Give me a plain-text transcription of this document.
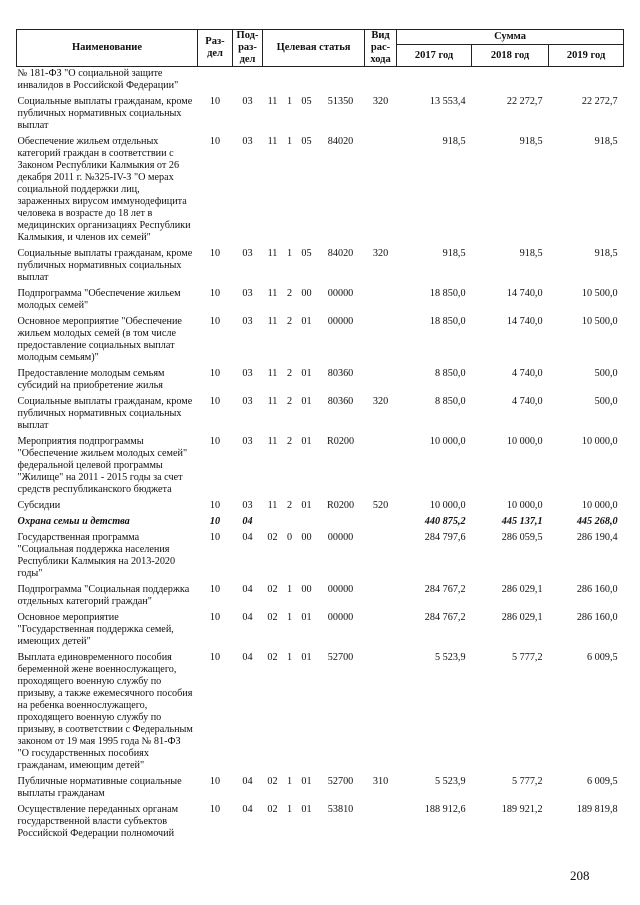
Наименование	Раз-дел	Под-раз-дел	Целевая статья				Вид рас-хода	Сумма		
								2017 год	2018 год	2019 год
№ 181-ФЗ "О социальной защите инвалидов в Российской Федерации"										
Социальные выплаты гражданам, кроме публичных нормативных социальных выплат	10	03	11	1	05	51350	320	13 553,4	22 272,7	22 272,7
Обеспечение жильем отдельных категорий граждан в соответствии с Законом Республики Калмыкия от 26 декабря 2011 г. №325-IV-З "О мерах социальной поддержки лиц, зараженных вирусом иммунодефицита человека в возрасте до 18 лет в медицинских организациях Республики Калмыкия, и членов их семей"	10	03	11	1	05	84020		918,5	918,5	918,5
Социальные выплаты гражданам, кроме публичных нормативных социальных выплат	10	03	11	1	05	84020	320	918,5	918,5	918,5
Подпрограмма "Обеспечение жильем молодых семей"	10	03	11	2	00	00000		18 850,0	14 740,0	10 500,0
Основное мероприятие "Обеспечение жильем молодых семей (в том числе предоставление социальных выплат молодым семьям)"	10	03	11	2	01	00000		18 850,0	14 740,0	10 500,0
Предоставление молодым семьям субсидий на приобретение жилья	10	03	11	2	01	80360		8 850,0	4 740,0	500,0
Социальные выплаты гражданам, кроме публичных нормативных социальных выплат	10	03	11	2	01	80360	320	8 850,0	4 740,0	500,0
Мероприятия подпрограммы "Обеспечение жильем молодых семей" федеральной целевой программы "Жилище" на 2011 - 2015 годы за счет средств республиканского бюджета	10	03	11	2	01	R0200		10 000,0	10 000,0	10 000,0
Субсидии	10	03	11	2	01	R0200	520	10 000,0	10 000,0	10 000,0
Охрана семьи и детства	10	04						440 875,2	445 137,1	445 268,0
Государственная программа "Социальная поддержка населения Республики Калмыкия на 2013-2020 годы"	10	04	02	0	00	00000		284 797,6	286 059,5	286 190,4
Подпрограмма "Социальная поддержка отдельных категорий граждан"	10	04	02	1	00	00000		284 767,2	286 029,1	286 160,0
Основное мероприятие "Государственная поддержка семей, имеющих детей"	10	04	02	1	01	00000		284 767,2	286 029,1	286 160,0
Выплата единовременного пособия беременной жене военнослужащего, проходящего военную службу по призыву, а также ежемесячного пособия на ребенка военнослужащего, проходящего военную службу по призыву, в соответствии с Федеральным законом от 19 мая 1995 года № 81-ФЗ "О государственных пособиях гражданам, имеющим детей"	10	04	02	1	01	52700		5 523,9	5 777,2	6 009,5
Публичные нормативные социальные выплаты гражданам	10	04	02	1	01	52700	310	5 523,9	5 777,2	6 009,5
Осуществление переданных органам государственной власти субъектов Российской Федерации полномочий	10	04	02	1	01	53810		188 912,6	189 921,2	189 819,8
208
